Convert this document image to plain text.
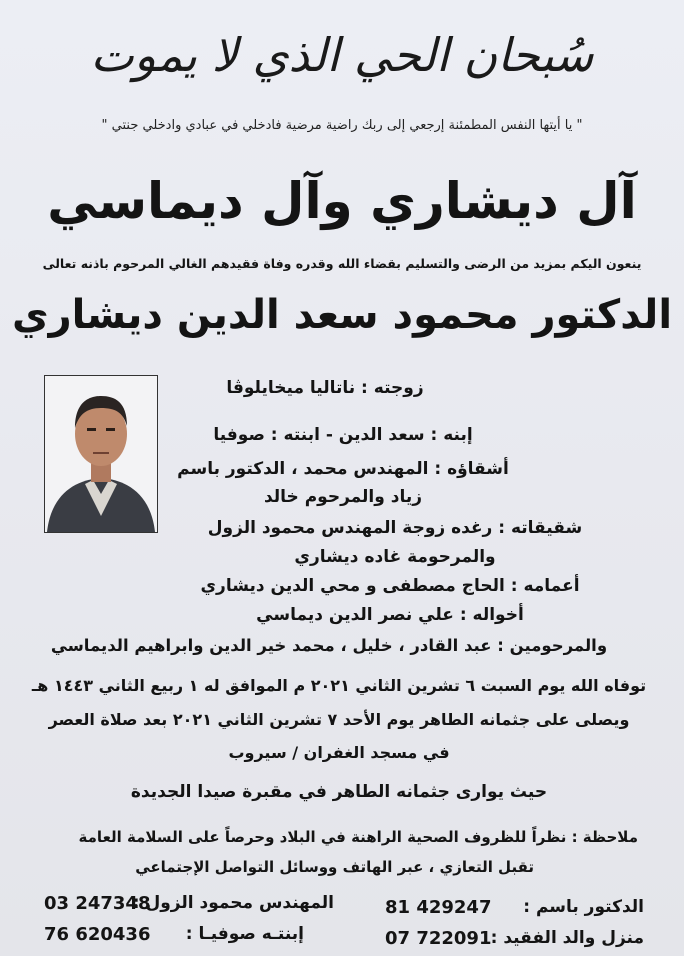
سُبحان الحي الذي لا يموت
" يا أيتها النفس المطمئنة إرجعي إلى ربك راضية مرضية فادخلي في عبادي وادخلي جنتي "
آل ديشاري وآل ديماسي
ينعون اليكم بمزيد من الرضى والتسليم بقضاء الله وقدره وفاة فقيدهم الغالي المرحوم باذنه تعالى
الدكتور محمود سعد الدين ديشاري
زوجته : ناتاليا ميخايلوڤا
إبنه : سعد الدين - ابنته : صوفيا
أشقاؤه : المهندس محمد ، الدكتور باسم
زياد والمرحوم خالد
شقيقاته : رغده زوجة المهندس محمود الزول
والمرحومة غاده ديشاري
أعمامه : الحاج مصطفى و محي الدين ديشاري
أخواله : علي نصر الدين ديماسي
والمرحومين : عبد القادر ، خليل ، محمد خير الدين وابراهيم الديماسي
توفاه الله يوم السبت ٦ تشرين الثاني ٢٠٢١ م الموافق له ١ ربيع الثاني ١٤٤٣ هـ
ويصلى على جثمانه الطاهر يوم الأحد ٧ تشرين الثاني ٢٠٢١ بعد صلاة العصر
في مسجد الغفران / سيروب
حيث يوارى جثمانه الطاهر في مقبرة صيدا الجديدة
ملاحظة : نظراً للظروف الصحية الراهنة في البلاد وحرصاً على السلامة العامة
تقبل التعازي ، عبر الهاتف ووسائل التواصل الإجتماعي
الدكتور باسم :
81 429247
المهندس محمود الزول :
03 247348
منزل والد الفقيد :
07 722091
إبنتـه صوفيـا :
76 620436
